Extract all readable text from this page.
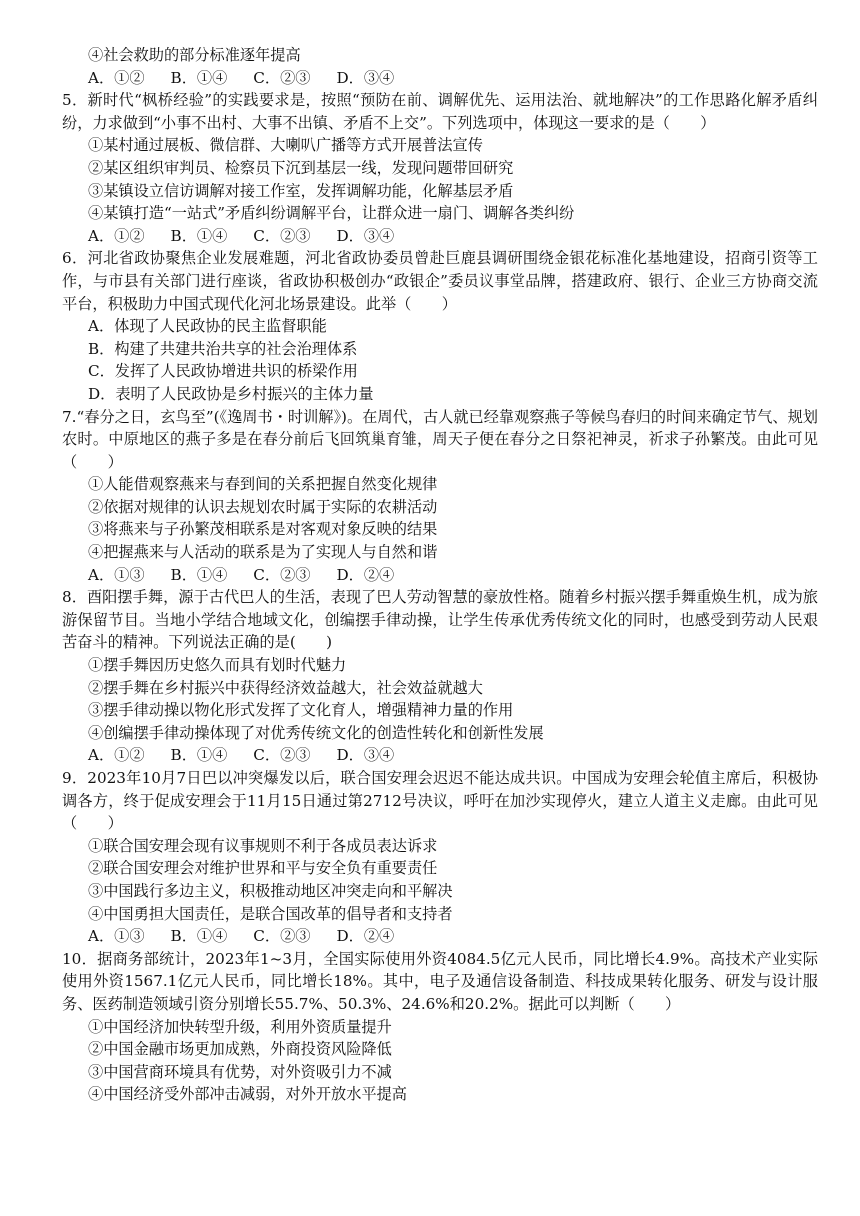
④社会救助的部分标准逐年提高

A．①② B．①④ C．②③ D．③④

5．新时代“枫桥经验”的实践要求是，按照“预防在前、调解优先、运用法治、就地解决”的工作思路化解矛盾纠纷，力求做到“小事不出村、大事不出镇、矛盾不上交”。下列选项中，体现这一要求的是（　　）

①某村通过展板、微信群、大喇叭广播等方式开展普法宣传

②某区组织审判员、检察员下沉到基层一线，发现问题带回研究

③某镇设立信访调解对接工作室，发挥调解功能，化解基层矛盾

④某镇打造“一站式”矛盾纠纷调解平台，让群众进一扇门、调解各类纠纷

A．①② B．①④ C．②③ D．③④

6．河北省政协聚焦企业发展难题，河北省政协委员曾赴巨鹿县调研围绕金银花标准化基地建设，招商引资等工作，与市县有关部门进行座谈，省政协积极创办“政银企”委员议事堂品牌，搭建政府、银行、企业三方协商交流平台，积极助力中国式现代化河北场景建设。此举（　　）

A．体现了人民政协的民主监督职能

B．构建了共建共治共享的社会治理体系

C．发挥了人民政协增进共识的桥梁作用

D．表明了人民政协是乡村振兴的主体力量

7.“春分之日，玄鸟至”(《逸周书・时训解》)。在周代，古人就已经靠观察燕子等候鸟春归的时间来确定节气、规划农时。中原地区的燕子多是在春分前后飞回筑巢育雏，周天子便在春分之日祭祀神灵，祈求子孙繁茂。由此可见（　　）

①人能借观察燕来与春到间的关系把握自然变化规律

②依据对规律的认识去规划农时属于实际的农耕活动

③将燕来与子孙繁茂相联系是对客观对象反映的结果

④把握燕来与人活动的联系是为了实现人与自然和谐

A．①③ B．①④ C．②③ D．②④

8．酉阳摆手舞，源于古代巴人的生活，表现了巴人劳动智慧的豪放性格。随着乡村振兴摆手舞重焕生机，成为旅游保留节目。当地小学结合地域文化，创编摆手律动操，让学生传承优秀传统文化的同时，也感受到劳动人民艰苦奋斗的精神。下列说法正确的是(　　)

①摆手舞因历史悠久而具有划时代魅力

②摆手舞在乡村振兴中获得经济效益越大，社会效益就越大

③摆手律动操以物化形式发挥了文化育人，增强精神力量的作用

④创编摆手律动操体现了对优秀传统文化的创造性转化和创新性发展

A．①② B．①④ C．②③ D．③④

9．2023年10月7日巴以冲突爆发以后，联合国安理会迟迟不能达成共识。中国成为安理会轮值主席后，积极协调各方，终于促成安理会于11月15日通过第2712号决议，呼吁在加沙实现停火，建立人道主义走廊。由此可见（　　）

①联合国安理会现有议事规则不利于各成员表达诉求

②联合国安理会对维护世界和平与安全负有重要责任

③中国践行多边主义，积极推动地区冲突走向和平解决

④中国勇担大国责任，是联合国改革的倡导者和支持者

A．①③ B．①④ C．②③ D．②④

10．据商务部统计，2023年1~3月，全国实际使用外资4084.5亿元人民币，同比增长4.9%。高技术产业实际使用外资1567.1亿元人民币，同比增长18%。其中，电子及通信设备制造、科技成果转化服务、研发与设计服务、医药制造领域引资分别增长55.7%、50.3%、24.6%和20.2%。据此可以判断（　　）

①中国经济加快转型升级，利用外资质量提升

②中国金融市场更加成熟，外商投资风险降低

③中国营商环境具有优势，对外资吸引力不减

④中国经济受外部冲击减弱，对外开放水平提高
